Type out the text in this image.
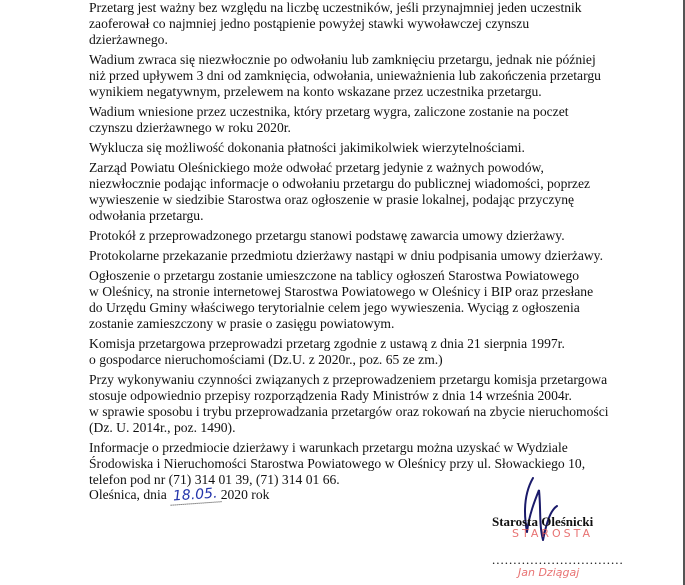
Przetarg jest ważny bez względu na liczbę uczestników, jeśli przynajmniej jeden uczestnik
zaoferował co najmniej jedno postąpienie powyżej stawki wywoławczej czynszu
dzierżawnego.
Wadium zwraca się niezwłocznie po odwołaniu lub zamknięciu przetargu, jednak nie później
niż przed upływem 3 dni od zamknięcia, odwołania, unieważnienia lub zakończenia przetargu
wynikiem negatywnym, przelewem na konto wskazane przez uczestnika przetargu.
Wadium wniesione przez uczestnika, który przetarg wygra, zaliczone zostanie na poczet
czynszu dzierżawnego w roku 2020r.
Wyklucza się możliwość dokonania płatności jakimikolwiek wierzytelnościami.
Zarząd Powiatu Oleśnickiego może odwołać przetarg jedynie z ważnych powodów,
niezwłocznie podając informacje o odwołaniu przetargu do publicznej wiadomości, poprzez
wywieszenie w siedzibie Starostwa oraz ogłoszenie w prasie lokalnej, podając przyczynę
odwołania przetargu.
Protokół z przeprowadzonego przetargu stanowi podstawę zawarcia umowy dzierżawy.
Protokolarne przekazanie przedmiotu dzierżawy nastąpi w dniu podpisania umowy dzierżawy.
Ogłoszenie o przetargu zostanie umieszczone na tablicy ogłoszeń Starostwa Powiatowego
w Oleśnicy, na stronie internetowej Starostwa Powiatowego w Oleśnicy i BIP oraz przesłane
do Urzędu Gminy właściwego terytorialnie celem jego wywieszenia. Wyciąg z ogłoszenia
zostanie zamieszczony w prasie o zasięgu powiatowym.
Komisja przetargowa przeprowadzi przetarg zgodnie z ustawą z dnia 21 sierpnia 1997r.
o gospodarce nieruchomościami (Dz.U. z 2020r., poz. 65 ze zm.)
Przy wykonywaniu czynności związanych z przeprowadzeniem przetargu komisja przetargowa
stosuje odpowiednio przepisy rozporządzenia Rady Ministrów z dnia 14 września 2004r.
w sprawie sposobu i trybu przeprowadzania przetargów oraz rokowań na zbycie nieruchomości
(Dz. U. 2014r., poz. 1490).
Informacje o przedmiocie dzierżawy i warunkach przetargu można uzyskać w Wydziale
Środowiska i Nieruchomości Starostwa Powiatowego w Oleśnicy przy ul. Słowackiego 10,
telefon pod nr (71) 314 01 39, (71) 314 01 66.
Oleśnica, dnia 18.05. 2020 rok
Starosta Oleśnicki
STAROSTA
...............................
Jan Dziągaj
